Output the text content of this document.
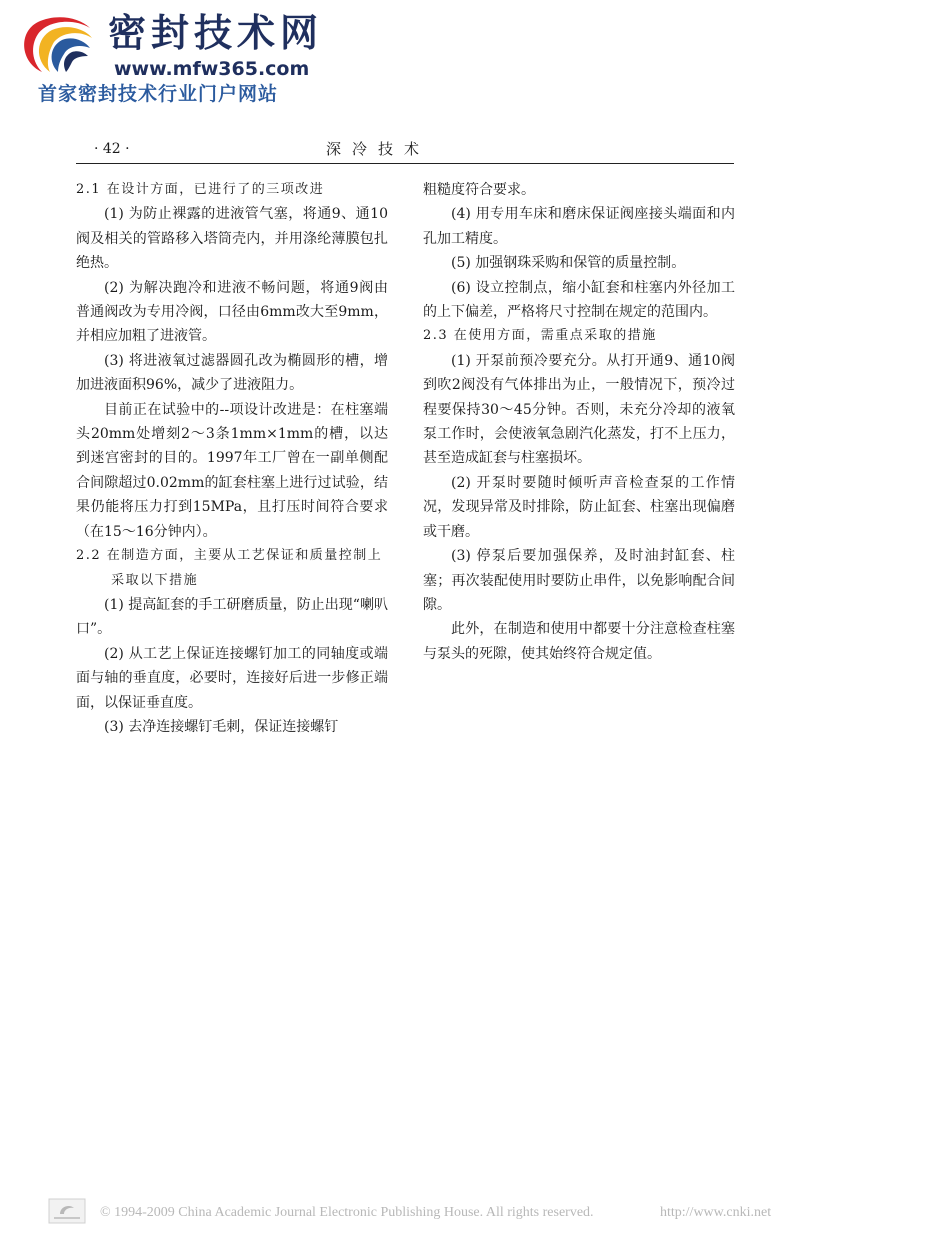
密封技术网
www.mfw365.com
首家密封技术行业门户网站
· 42 ·	深冷技术
2.1 在设计方面，已进行了的三项改进

(1) 为防止裸露的进液管气塞，将通9、通10阀及相关的管路移入塔筒壳内，并用涤纶薄膜包扎绝热。

(2) 为解决跑冷和进液不畅问题，将通9阀由普通阀改为专用冷阀，口径由6mm改大至9mm，并相应加粗了进液管。

(3) 将进液氧过滤器圆孔改为椭圆形的槽，增加进液面积96%，减少了进液阻力。

目前正在试验中的--项设计改进是：在柱塞端头20mm处增刻2～3条1mm×1mm的槽，以达到迷宫密封的目的。1997年工厂曾在一副单侧配合间隙超过0.02mm的缸套柱塞上进行过试验，结果仍能将压力打到15MPa，且打压时间符合要求（在15～16分钟内）。

2.2 在制造方面，主要从工艺保证和质量控制上采取以下措施

(1) 提高缸套的手工研磨质量，防止出现“喇叭口”。

(2) 从工艺上保证连接螺钉加工的同轴度或端面与轴的垂直度，必要时，连接好后进一步修正端面，以保证垂直度。

(3) 去净连接螺钉毛刺，保证连接螺钉

粗糙度符合要求。

(4) 用专用车床和磨床保证阀座接头端面和内孔加工精度。

(5) 加强钢珠采购和保管的质量控制。

(6) 设立控制点，缩小缸套和柱塞内外径加工的上下偏差，严格将尺寸控制在规定的范围内。

2.3 在使用方面，需重点采取的措施

(1) 开泵前预冷要充分。从打开通9、通10阀到吹2阀没有气体排出为止，一般情况下，预冷过程要保持30～45分钟。否则，未充分冷却的液氧泵工作时，会使液氧急剧汽化蒸发，打不上压力，甚至造成缸套与柱塞损坏。

(2) 开泵时要随时倾听声音检查泵的工作情况，发现异常及时排除，防止缸套、柱塞出现偏磨或干磨。

(3) 停泵后要加强保养，及时油封缸套、柱塞；再次装配使用时要防止串件，以免影响配合间隙。

此外，在制造和使用中都要十分注意检查柱塞与泵头的死隙，使其始终符合规定值。

© 1994-2009 China Academic Journal Electronic Publishing House. All rights reserved.	http://www.cnki.net
